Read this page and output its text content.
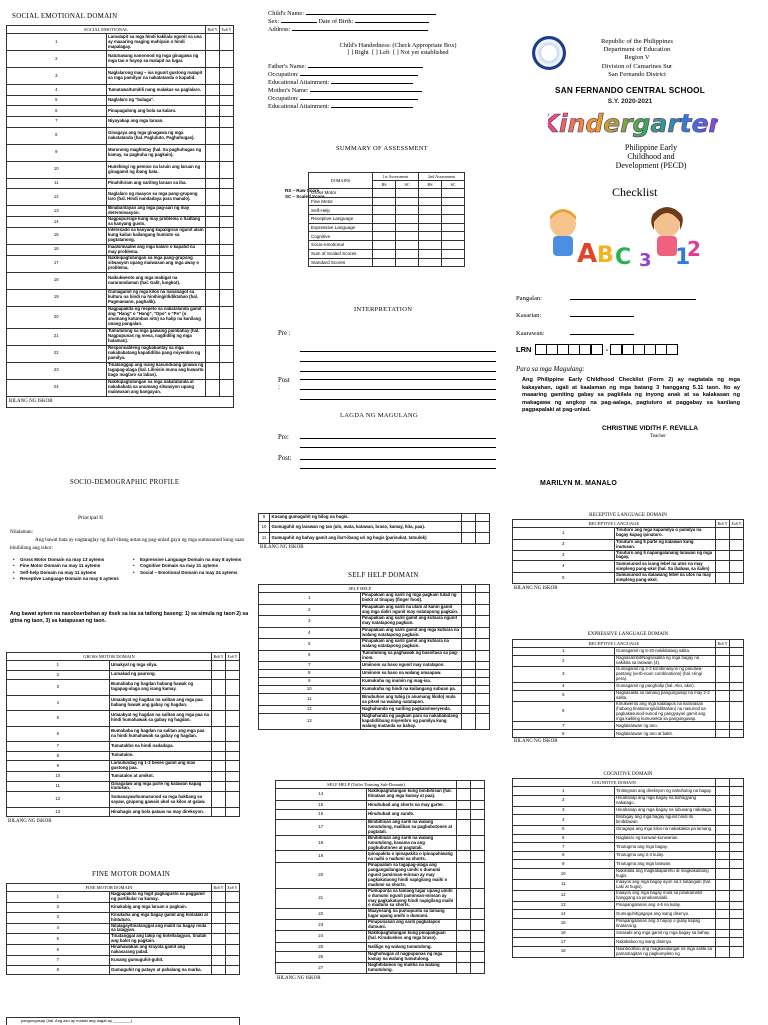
SOCIAL EMOTIONAL DOMAIN
SOCIAL EMOTIONAL		BoS Y	EoS Y
1	Lumalapit sa mga hindi kakilala ngunit sa una ay maaaring maging mahiyain o hindi mapalagay.		
2	Natutuwang nanonood ng mga ginagawa ng mga tao o hayop sa malapit na lugar.		
3	Naglalarong mag – isa ngunit gustong malapit sa mga pamilyar na nakatatanda o kapatid.		
4	Tumatawa/tumitili nang malakas sa paglalaro.		
5	Naglalaro ng "bulaga".		
6	Pinapagulong ang bola sa kalaro.		
7	Niyayakap ang mga laruan.		
8	Ginagaya ang mga ginagawa ng mga nakatatanda (hal. Pagluluto, Paghuhugas).		
9	Marunong maghintay (hal. Sa paghuhugas ng kamay, sa pagkuha ng pagkain).		
10	Humihingi ng pemiso na laruin ang laruan ng ginagamit ng ibang bata.		
11	Pinahihiram ang sariling laruan sa iba.		
12	Naglalaro ng maayos sa mga pang-grupong laro (hal. Hindi nandadaya para manalo).		
13	Binabantayan ang mga pag-aari ng may determinasyon.		
14	Nagpupursige kung may problema o hadlang sa kanyang gusto.		
15	Interesado sa kanyang kapaligiran ngunit alam kung kailan kailangang huminto sa pagtatanong.		
16	Inaalo/inaaliw ang mga kalaro o kapatid na may problema.		
17	Nakikipagtulungan sa mga pang-grupong sitwasyon upang maiwasan ang mga away o problema.		
18	Naikukwento ang mga mabigat na nararamdaman (hal. Galit, lungkot).		
19	Gumagamit ng mga kilos na nananagot sa kultura na hindi na hinihingi/didiktahan (hal. Pagmamano, paghalik).		
20	Nagpapakita ng respeto sa nakatatanda gamit ang "Hang" o "Hang", "Opo" o "Po" (o anumang katumbas nito) sa halip na kanilang unang pangalan.		
21	Tumutulong sa mga gawaing pambahay (hal. Nagpupunas ng mesa, nagdidilig ng mga halaman).		
22	Responsableng nagbabantay sa mga nakababatang kapatid/iba pang miyembro ng pamilya.		
23	Tinatanggap ang isang kasunduang ginawa ng tagapag-alaga (hal. Lilinisin muna ang kuwarto bago maglaro sa labas).		
24	Nakikipagtulungan sa mga nakatatanda at nakababata sa anumang sitwasyon upang maiiwasan ang bangayan.		
BILANG NG ISKOR
Child's Name:
Sex:	Date of Birth:
Address:
Child's Handedness: (Check Appropriate Box)
[ ] Right [ ] Left [ ] Not yet established
Father's Name:
Occupation:
Educational Attainment:
Mother's Name:
Occupation:
Educational Attainment:
SUMMARY OF ASSESSMENT
RS – Raw Score
SC – Scaled Score
DOMAINS	1st Assessment		2nd Assessment	
	RS	SC	RS	SC
Gross Motor				
Fine Motor				
Self-Help				
Receptive Language				
Expressive Language				
Cognitive				
Socio-emotional				
Sum of Scaled Scores				
Standard Scores				
INTERPRETATION
Pre :
Post :
LAGDA NG MAGULANG
Pre:
Post:
Republic of the Philippines
Department of Education
Region V
Division of Camarines Sur
San Fernando District
SAN FERNANDO CENTRAL SCHOOL
S.Y. 2020-2021
Kindergarten
Philippine Early
Childhood and
Development (PECD)
Checklist
A B C 1
2
3
Pangalan:
Kasarian:
Kaarawan:
LRN	-
Para sa mga Magulang:
Ang Philippine Early Childhood Checklist (Form 2) ay nagtatala ng mga kakayahan, ugali at kaalaman ng mga batang 3 hanggang 5.11 taon. Ito ay maaaring gamiting gabay sa pagkilala ng inyong anak at sa kalakasan ng makagawa ng angkop na pag-aalaga, pagtuturo at paggabay sa kanilang pagpapalaki at pag-unlad.
CHRISTINE VIDITH F. REVILLA
Teacher
SOCIO-DEMOGRAPHIC PROFILE	MARILYN M. MANALO
Principal II
Nilalaman:
Ang bawat bata ay nagtataglay ng iba't-ibang antas ng pag-unlad gaya ng mga sumusunod kung saan binibilang ang iskor:
• Gross Motor Domain na may 13 aytems
• Fine Motor Domain na may 11 aytems
• Self-help Domain na may 11 aytems
• Receptive Language Domain na may 5 aytems
• Expressive Language Domain na may 8 aytems
• Cognitive Domain na may 21 aytems
• Social – Emotional Domain na may 24 aytems
Ang bawat aytem na nasobserbahan ay itsek sa isa sa tatlong baseng: 1) sa simula ng taon 2) sa gitna ng taon, 3) sa katapusan ng taon.
GROSS MOTOR DOMAIN		BoS Y	EoS Y
1	Umakyat ng mga silya.		
2	Lumakad ng paurong.		
3	Bumababa ng hagdan habang hawak ng tagapag-alaga ang isang kamay.		
4	Umaakyat ng hagdan na salitan ang mga paa habang hawak ang gabay ng hagdan.		
5	Umaakyat ng hagdan na salitan ang mga paa na hindi humahawak sa gabay ng hagdan.		
6	Bumababa ng hagdan na salitan ang mga paa na hindi humahawak sa gabay ng hagdan.		
7	Tumatakbo na hindi nadadapa.		
8	Tumatalon.		
9	Lumulundag ng 1-3 beses gamit ang mas gustong paa.		
10	Tumatalon at umikot.		
11	Ginagalaw ang mga parte ng katawan kapag inutusan.		
12	Sumasayaw/sumusunod sa mga hakbang sa sayaw, grupong gawain ukol sa kilos at galaw.		
13	Hinahagis ang bola pataas na may direksyon.		
BILANG NG ISKOR
FINE MOTOR DOMAIN
FINE MOTOR DOMAIN		BoS Y	EoS Y
1	Nagpapakita ng higit pagkagusto sa paggamit ng partikular na kamay.		
2	Kinakabig ang mga laruan o pagkain.		
3	Kinukuha ang mga bagay gamit ang hinlalaki at hintuturo.		
4	Nilalagay/tinatanggal ang maliit na bagay mula sa lalagyan.		
5	Tinatanggal ang takip ng bote/lalagyan, tinatali ang balot ng pagkain.		
6	Hinahawakan ang krayola gamit ang nakasarang palad.		
7	Kusang gumuguhit-guhit.		
8	Gumuguhit ng patayo at pahalang na marka.		
pangungusap (hal. Ang aso ay malaki ang dagat ay ________)
9	Kusang gumuguhit ng bilog na hugis.		
10	Gumuguhit ng larawan ng tao (ulo, mata, katawan, braso, kamay, hita, paa).		
11	Gumuguhit ng bahay gamit ang iba't-ibang uri ng hugis (parisukat, tatsulok)		
BILANG NG ISKOR
SELF HELP DOMAIN
SELF HELP			
1	Pinapakain ang sarili ng mga pagkain tulad ng biskit at tinapay (finger food).		
2	Pinapakain ang sarili na ulam at kanin gamit ang mga daliri ngunit may natatapong pagkain.		
3	Pinapakain ang sarili gamit ang kutsara ngunit may natatapong pagkain.		
4	Pinapakain ang sarili gamit ang mga kutsara na walang natatapong pagkain.		
5	Pinapakain ang sarili gamit ang kutsara na walang natatapong pagkain.		
6	Tumutulong sa paghawak ng baso/tasa sa pag-inom.		
7	Umiinom sa baso ngunit may natatapon.		
8	Umiinom sa baso na walang umaapaw.		
9	Kumukuha ng inumin ng mag-isa.		
10	Kumukuha ng hindi na kailangang subuan pa.		
11	Binubuhos ang tubig (o anumang likido) mula sa pitsel na walang natatapon.		
12	Naghahanda ng sariling pagkain/meryenda.		
13	Naghahanda ng pagkain para sa nakababatang kapatid/ibang miyembro ng pamilya kung walang matanda sa bahay.		
SELF HELP (Toilet Training Sub-Domain)			
14	Nakikipagtulungan kung binibihisan (hal. Itinataas ang mga kamay at paa).		
15	Hinuhubad ang shorts na may garter.		
16	Hinuhubad ang sando.		
17	Binibihisan ang sarili na walang tumutulong, maliban sa pagbubutones at pagtatali.		
18	Binibihisan ang sarili na walang tumutulong, kasama na ang pagbubutones at pagtatali.		
19	Ipinapakita o ipinapakita o ipinapahiwatig na naihi o nadumi sa shorts.		
20	Pinapaalam sa tagapag-alaga ang pangangailangang umihi o dumumi ngunit paminsan-minsan ay may pagkakataong hindi napigilang maihi o madumi sa shorts.		
21	Pumupunta sa tamang lugar upang umihi o dumumi ngunit paminsan-minsan ay may pagkakataong hindi napigilang maihi o madumi sa shorts.		
22	Maayosang na pumupunta sa tamang lugar upang umihi o dumumi.		
23	Pinupunasan ang sarili pagkatapos dumumi.		
24	Nakikipagtulungan kung pinapaliguan (hal. Kinukuskos ang mga braso).		
25	Naliligo ng walang tumutulong.		
26	Naghuhugas at nagpupunas ng mga kamay na walang tumutulong.		
27	Naghihilamos ng mukha na walang tumutulong.		
BILANG NG ISKOR
RECEPTIVE LANGUAGE DOMAIN
RECEPTIVE LANGUAGE		BoS Y	EoS Y
1	Tinuturo ang mga kapamilya o pamilya na bagay kapag ipinaturo.		
2	Tinuturo ang 5 parte ng katawan kung inutusan.		
3	Tinuturo ang 5 napangalanang larawan ng mga bagay.		
4	Sumusunod sa isang lebel na utos na may simpleng pang-ukol (hal. Sa ibabaw, sa ilalim)		
5	Sumusunod sa dalawang lebel na utos na may simpleng pang-ukol.		
BILANG NG ISKOR
EXPRESSIVE LANGUAGE DOMAIN
RECEPTIVE LANGUAGE		BoS Y	
1	Gumagamit ng 5-20 nakikilalang salita.		
2	Nagsasambit/Nagsasalita ng mga bagay na nakikita sa larawan (4).		
3	Gumagamit ng 2-3 kombinasyon ng pandiwa-pantang (verb-noun combinations) (hal. Hingi pera).		
4	Gumagamit ng panghalip (hal. Ako, akin).		
5	Nagsasalita sa tamang pangungusap na may 2-3 salita.		
6	Kinukwento ang mga katatapos na karanasan (habang tinatanong/ididiktahan) na nasunod sa pagkakasunod-sunod ng pangyayari gamit ang mga kaikling kumunekta sa pangungusap.		
7	Naglalarawan ng ano.		
8	Naglalarawan ng ano at bakit.		
BILANG NG ISKOR
COGNITIVE DOMAIN
COGNITIVE DOMAIN			
1	Tinitingnan ang direksyon ng nahuhulog na bagay.		
2	Hinahanap ang mga bagay na bahagyang nakatago.		
3	Hinahanap ang mga bagay na lubusang nakatago.		
4	Binibigay ang mga bagay ngunit hindi ito binibitawan.		
5	Ginagaya ang mga kilos na nakakakita pa lamang.		
6	Naglalaro ng kunwari-kunwarian.		
7	Tinutugma ang mga bagay.		
8	Tinutugma ang 2-3 kulay.		
9	Tinutugma ang mga larawan.		
10	Nakikilala ang magkakapareho at magkakaibang hugis.		
11	Inaayos ang mga bagay ayon sa 2 katangian (hal. Laki at hugis).		
12	Inaayos ang mga bagay mula sa pinakamaliit hanggang sa pinakamalaki.		
13	Pinapangalanan ang 4-6 na kulay.		
14	Gumuguhit/gagaya ang isang disenyo.		
15	Pinapangalanan ang 3 hayop o gulay kapag tinatanong.		
16	Sinasabi ang mga gamit ng mga bagay sa bahay.		
17	Nakakabuo ng isang disenyo.		
18	Naiintindihan ang magkasalungat na mga salita sa pamamagitan ng pagkumpleto ng		
